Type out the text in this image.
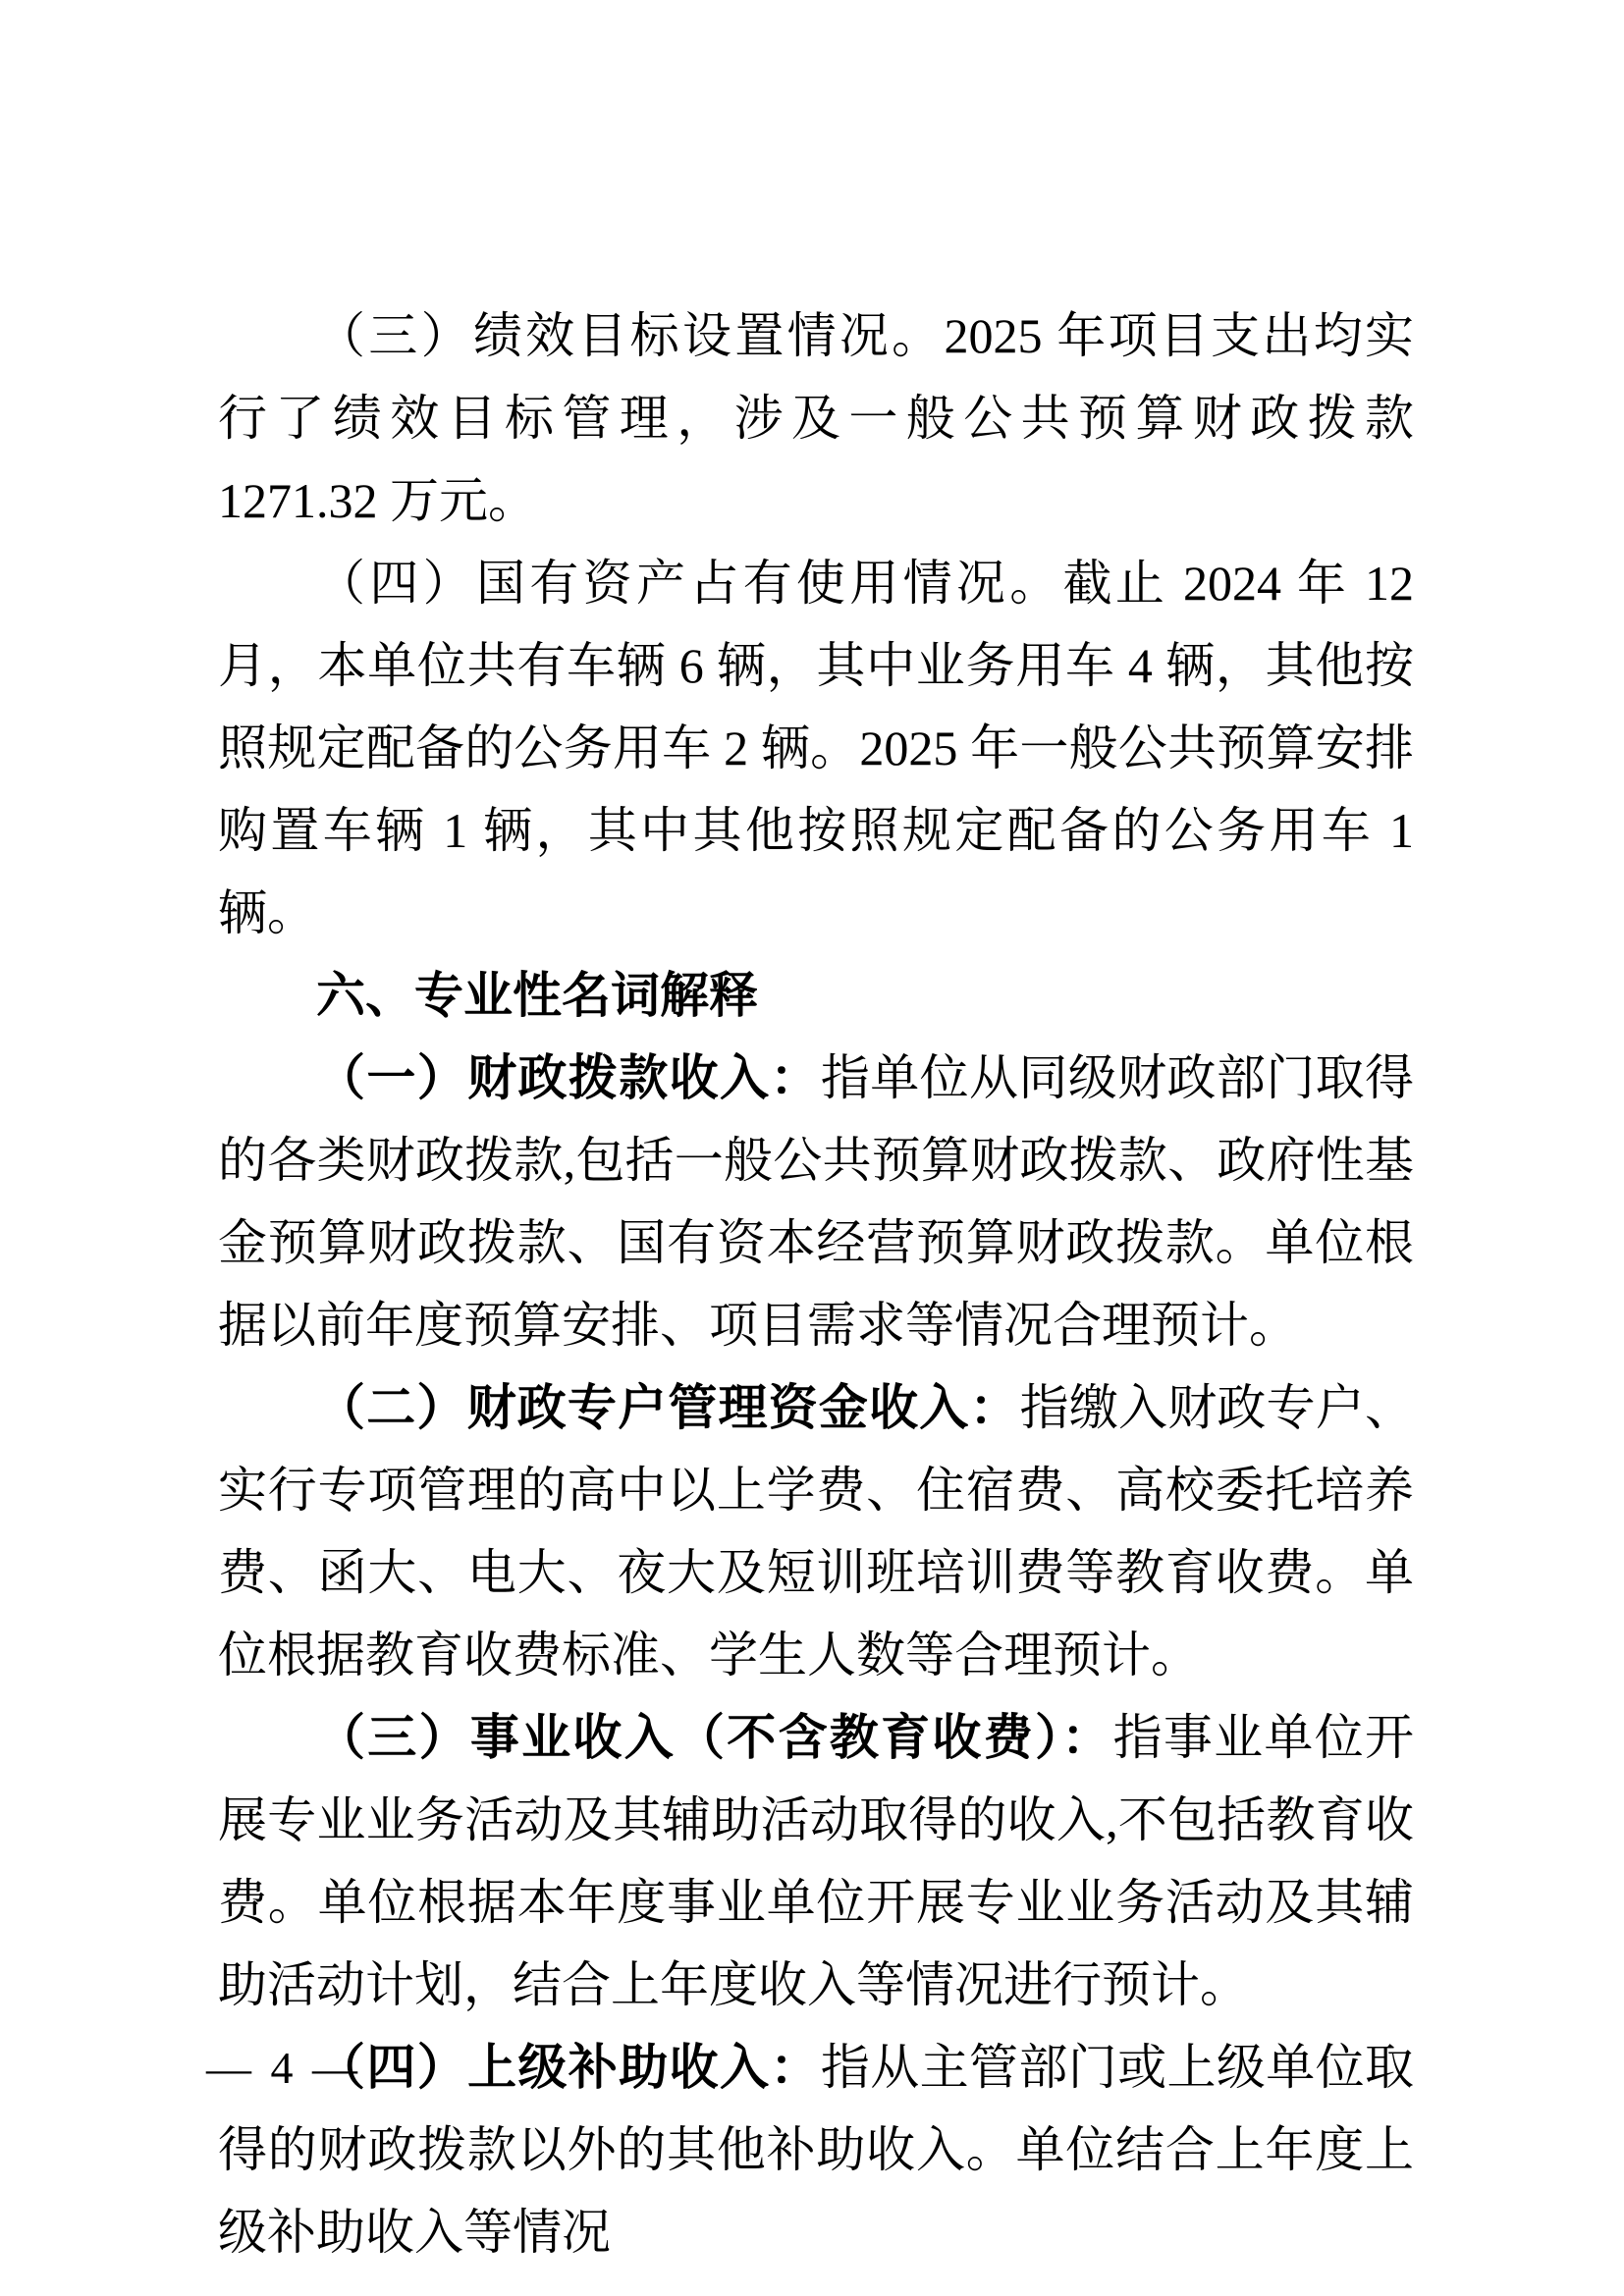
（三）绩效目标设置情况。2025 年项目支出均实行了绩效目标管理，涉及一般公共预算财政拨款 1271.32 万元。

（四）国有资产占有使用情况。截止 2024 年 12 月，本单位共有车辆 6 辆，其中业务用车 4 辆，其他按照规定配备的公务用车 2 辆。2025 年一般公共预算安排购置车辆 1 辆，其中其他按照规定配备的公务用车 1 辆。

六、专业性名词解释

（一）财政拨款收入：指单位从同级财政部门取得的各类财政拨款,包括一般公共预算财政拨款、政府性基金预算财政拨款、国有资本经营预算财政拨款。单位根据以前年度预算安排、项目需求等情况合理预计。

（二）财政专户管理资金收入：指缴入财政专户、实行专项管理的高中以上学费、住宿费、高校委托培养费、函大、电大、夜大及短训班培训费等教育收费。单位根据教育收费标准、学生人数等合理预计。

（三）事业收入（不含教育收费）：指事业单位开展专业业务活动及其辅助活动取得的收入,不包括教育收费。单位根据本年度事业单位开展专业业务活动及其辅助活动计划，结合上年度收入等情况进行预计。

（四）上级补助收入：指从主管部门或上级单位取得的财政拨款以外的其他补助收入。单位结合上年度上级补助收入等情况

— 4 —
